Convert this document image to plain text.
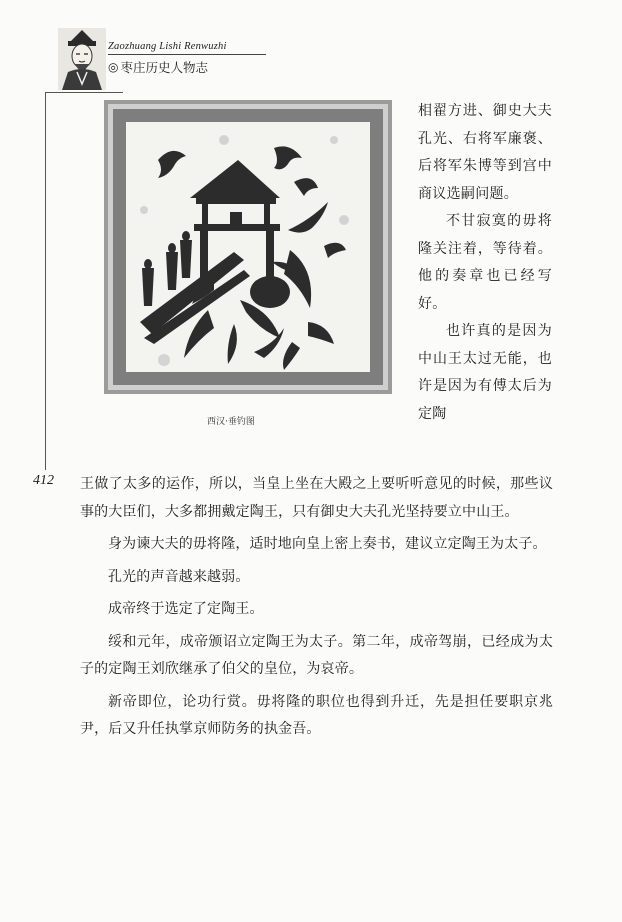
Zaozhuang Lishi Renwuzhi
◎ 枣庄历史人物志
412
西汉·垂钓图

相翟方进、御史大夫孔光、右将军廉褒、后将军朱博等到宫中商议选嗣问题。

不甘寂寞的毋将隆关注着，等待着。他的奏章也已经写好。

也许真的是因为中山王太过无能，也许是因为有傅太后为定陶

王做了太多的运作，所以，当皇上坐在大殿之上要听听意见的时候，那些议事的大臣们，大多都拥戴定陶王，只有御史大夫孔光坚持要立中山王。

身为谏大夫的毋将隆，适时地向皇上密上奏书，建议立定陶王为太子。

孔光的声音越来越弱。

成帝终于选定了定陶王。

绥和元年，成帝颁诏立定陶王为太子。第二年，成帝驾崩，已经成为太子的定陶王刘欣继承了伯父的皇位，为哀帝。

新帝即位，论功行赏。毋将隆的职位也得到升迁，先是担任要职京兆尹，后又升任执掌京师防务的执金吾。
